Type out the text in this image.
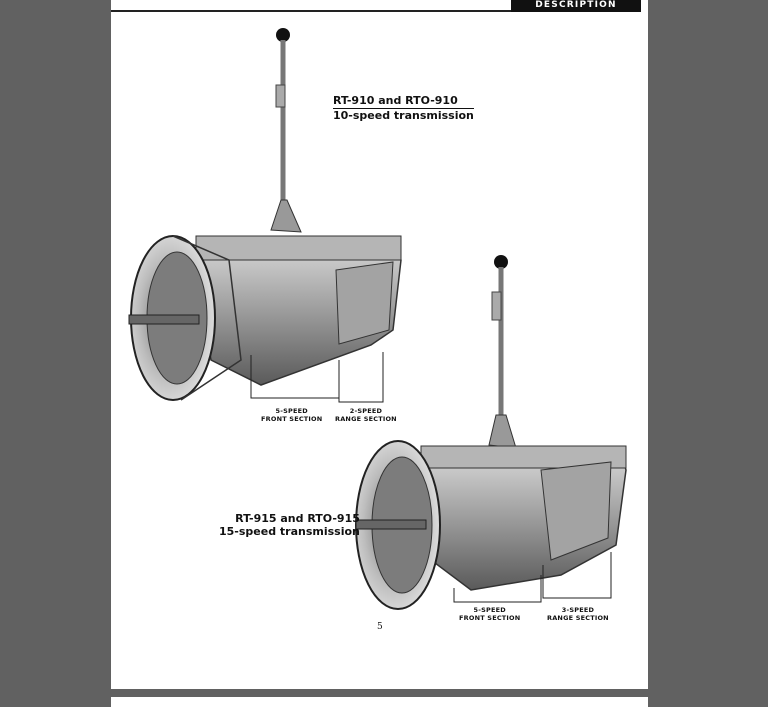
DESCRIPTION
RT-910 and RTO-910
10-speed transmission
5-SPEED
FRONT SECTION
2-SPEED
RANGE SECTION
RT-915 and RTO-915
15-speed transmission
5-SPEED
FRONT SECTION
3-SPEED
RANGE SECTION
5
